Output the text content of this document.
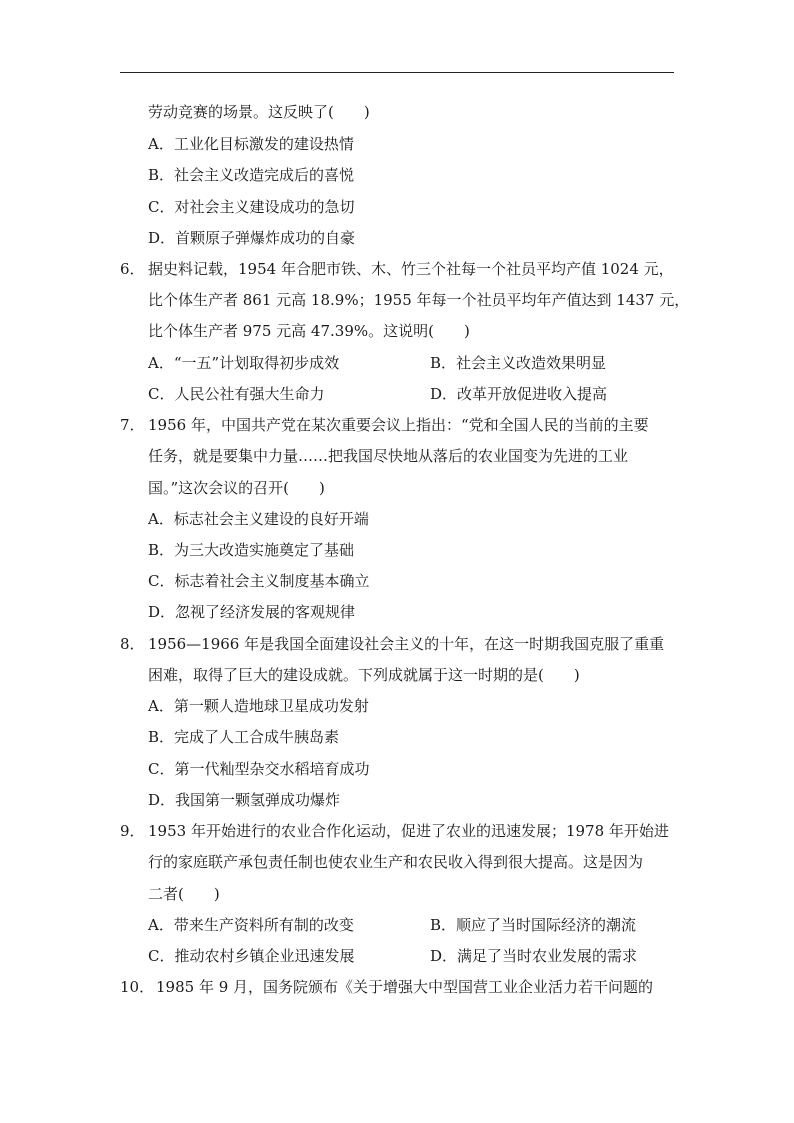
劳动竞赛的场景。这反映了(　　)
A．工业化目标激发的建设热情
B．社会主义改造完成后的喜悦
C．对社会主义建设成功的急切
D．首颗原子弹爆炸成功的自豪
6． 据史料记载，1954 年合肥市铁、木、竹三个社每一个社员平均产值 1024 元，
比个体生产者 861 元高 18.9%；1955 年每一个社员平均年产值达到 1437 元，
比个体生产者 975 元高 47.39%。这说明(　　)
A．“一五”计划取得初步成效	B．社会主义改造效果明显
C．人民公社有强大生命力	D．改革开放促进收入提高
7． 1956 年，中国共产党在某次重要会议上指出：“党和全国人民的当前的主要
任务，就是要集中力量……把我国尽快地从落后的农业国变为先进的工业
国。”这次会议的召开(　　)
A．标志社会主义建设的良好开端
B．为三大改造实施奠定了基础
C．标志着社会主义制度基本确立
D．忽视了经济发展的客观规律
8． 1956—1966 年是我国全面建设社会主义的十年，在这一时期我国克服了重重
困难，取得了巨大的建设成就。下列成就属于这一时期的是(　　)
A．第一颗人造地球卫星成功发射
B．完成了人工合成牛胰岛素
C．第一代籼型杂交水稻培育成功
D．我国第一颗氢弹成功爆炸
9． 1953 年开始进行的农业合作化运动，促进了农业的迅速发展；1978 年开始进
行的家庭联产承包责任制也使农业生产和农民收入得到很大提高。这是因为
二者(　　)
A．带来生产资料所有制的改变	B．顺应了当时国际经济的潮流
C．推动农村乡镇企业迅速发展	D．满足了当时农业发展的需求
10． 1985 年 9 月，国务院颁布《关于增强大中型国营工业企业活力若干问题的
